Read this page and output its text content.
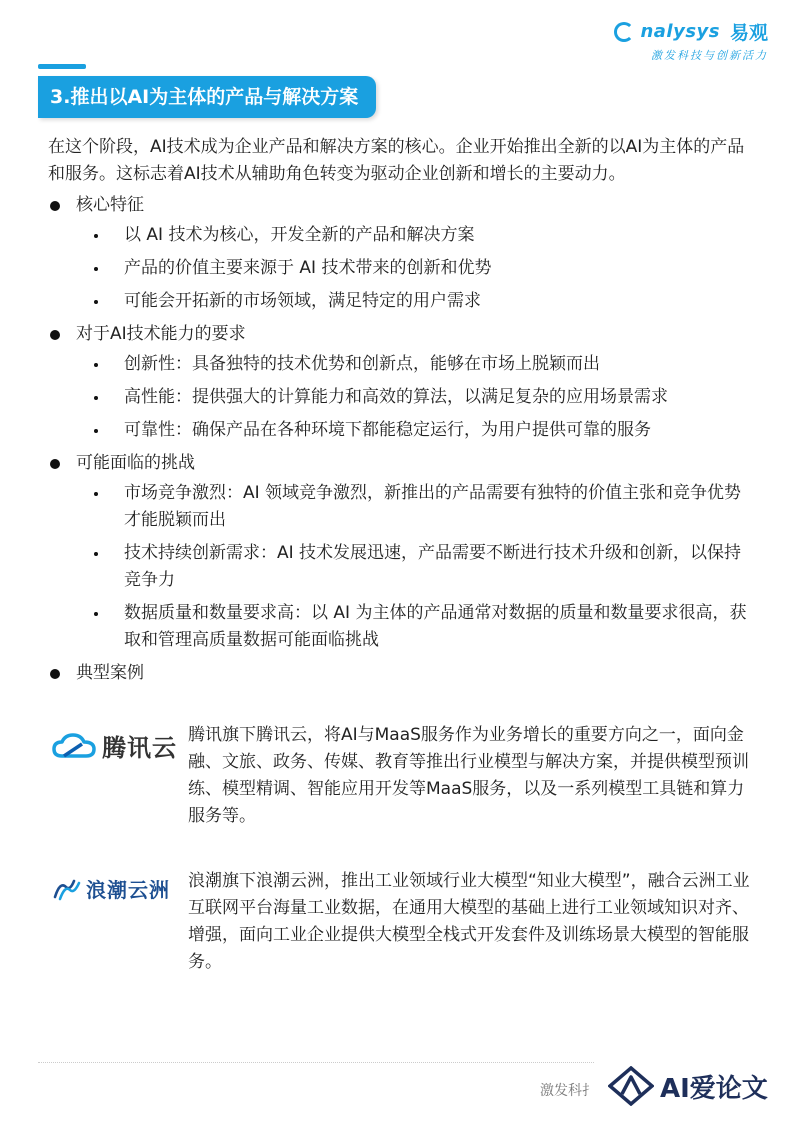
nalysys 易观
激发科技与创新活力
3.推出以AI为主体的产品与解决方案

在这个阶段，AI技术成为企业产品和解决方案的核心。企业开始推出全新的以AI为主体的产品和服务。这标志着AI技术从辅助角色转变为驱动企业创新和增长的主要动力。

核心特征
以 AI 技术为核心，开发全新的产品和解决方案
产品的价值主要来源于 AI 技术带来的创新和优势
可能会开拓新的市场领域，满足特定的用户需求
对于AI技术能力的要求
创新性：具备独特的技术优势和创新点，能够在市场上脱颖而出
高性能：提供强大的计算能力和高效的算法，以满足复杂的应用场景需求
可靠性：确保产品在各种环境下都能稳定运行，为用户提供可靠的服务
可能面临的挑战
市场竞争激烈：AI 领域竞争激烈，新推出的产品需要有独特的价值主张和竞争优势才能脱颖而出
技术持续创新需求：AI 技术发展迅速，产品需要不断进行技术升级和创新，以保持竞争力
数据质量和数量要求高：以 AI 为主体的产品通常对数据的质量和数量要求很高，获取和管理高质量数据可能面临挑战
典型案例
腾讯云 腾讯旗下腾讯云，将AI与MaaS服务作为业务增长的重要方向之一，面向金融、文旅、政务、传媒、教育等推出行业模型与解决方案，并提供模型预训练、模型精调、智能应用开发等MaaS服务，以及一系列模型工具链和算力服务等。
浪潮云洲 浪潮旗下浪潮云洲，推出工业领域行业大模型“知业大模型”，融合云洲工业互联网平台海量工业数据，在通用大模型的基础上进行工业领域知识对齐、增强，面向工业企业提供大模型全栈式开发套件及训练场景大模型的智能服务。
激发科扌 AI爱论文
